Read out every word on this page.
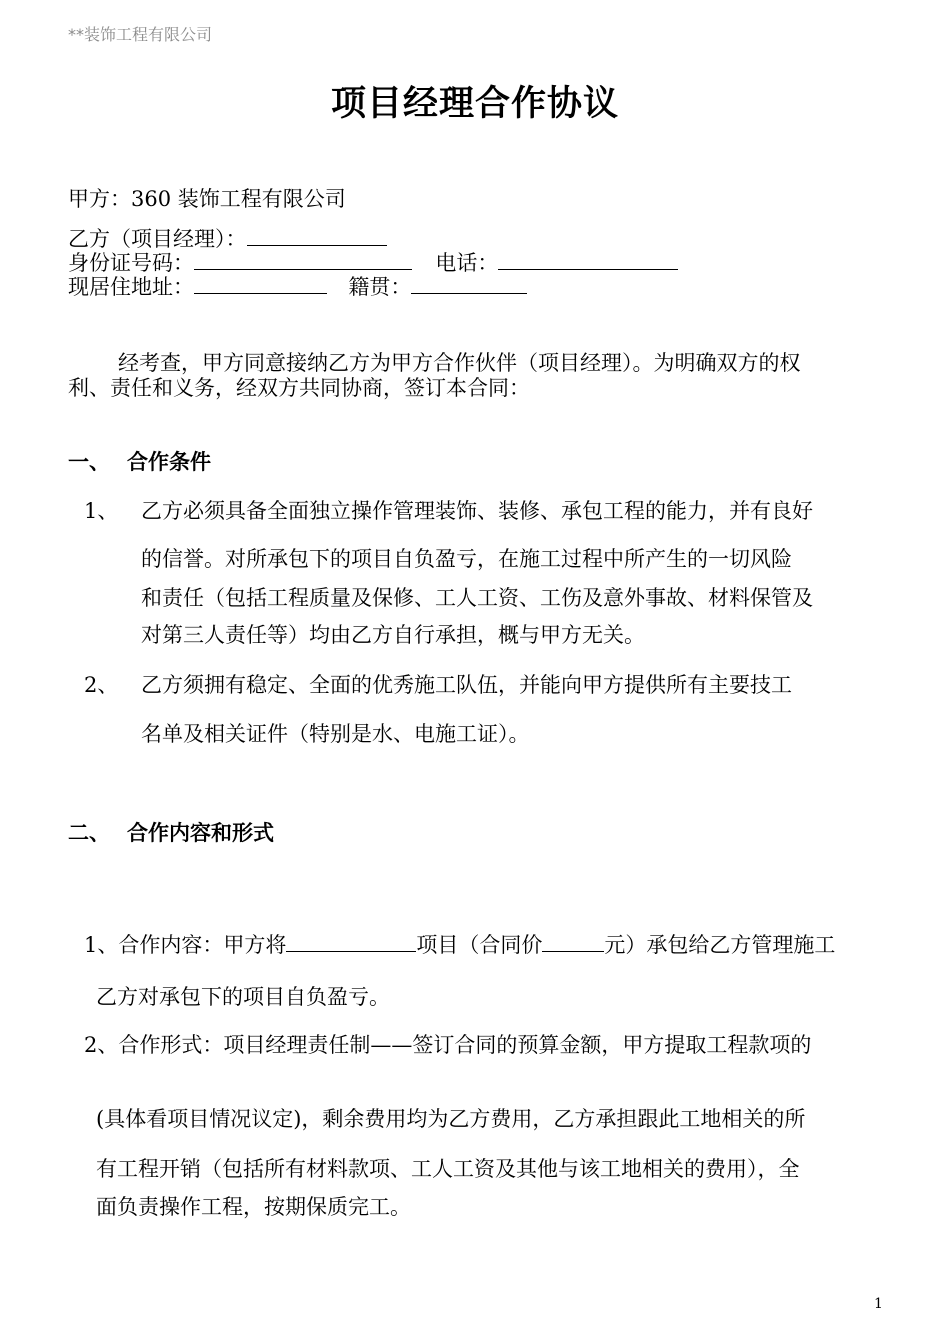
**装饰工程有限公司
项目经理合作协议
甲方：360 装饰工程有限公司
乙方（项目经理）：
身份证号码：	电话：
现居住地址：	籍贯：
经考查，甲方同意接纳乙方为甲方合作伙伴（项目经理）。为明确双方的权
利、责任和义务，经双方共同协商，签订本合同：
一、 合作条件
1、 乙方必须具备全面独立操作管理装饰、装修、承包工程的能力，并有良好
的信誉。对所承包下的项目自负盈亏，在施工过程中所产生的一切风险
和责任（包括工程质量及保修、工人工资、工伤及意外事故、材料保管及
对第三人责任等）均由乙方自行承担，概与甲方无关。
2、 乙方须拥有稳定、全面的优秀施工队伍，并能向甲方提供所有主要技工
名单及相关证件（特别是水、电施工证）。
二、 合作内容和形式
1、合作内容：甲方将	项目（合同价	元）承包给乙方管理施工
乙方对承包下的项目自负盈亏。
2、合作形式：项目经理责任制——签订合同的预算金额，甲方提取工程款项的
(具体看项目情况议定)，剩余费用均为乙方费用，乙方承担跟此工地相关的所
有工程开销（包括所有材料款项、工人工资及其他与该工地相关的费用），全
面负责操作工程，按期保质完工。
1
